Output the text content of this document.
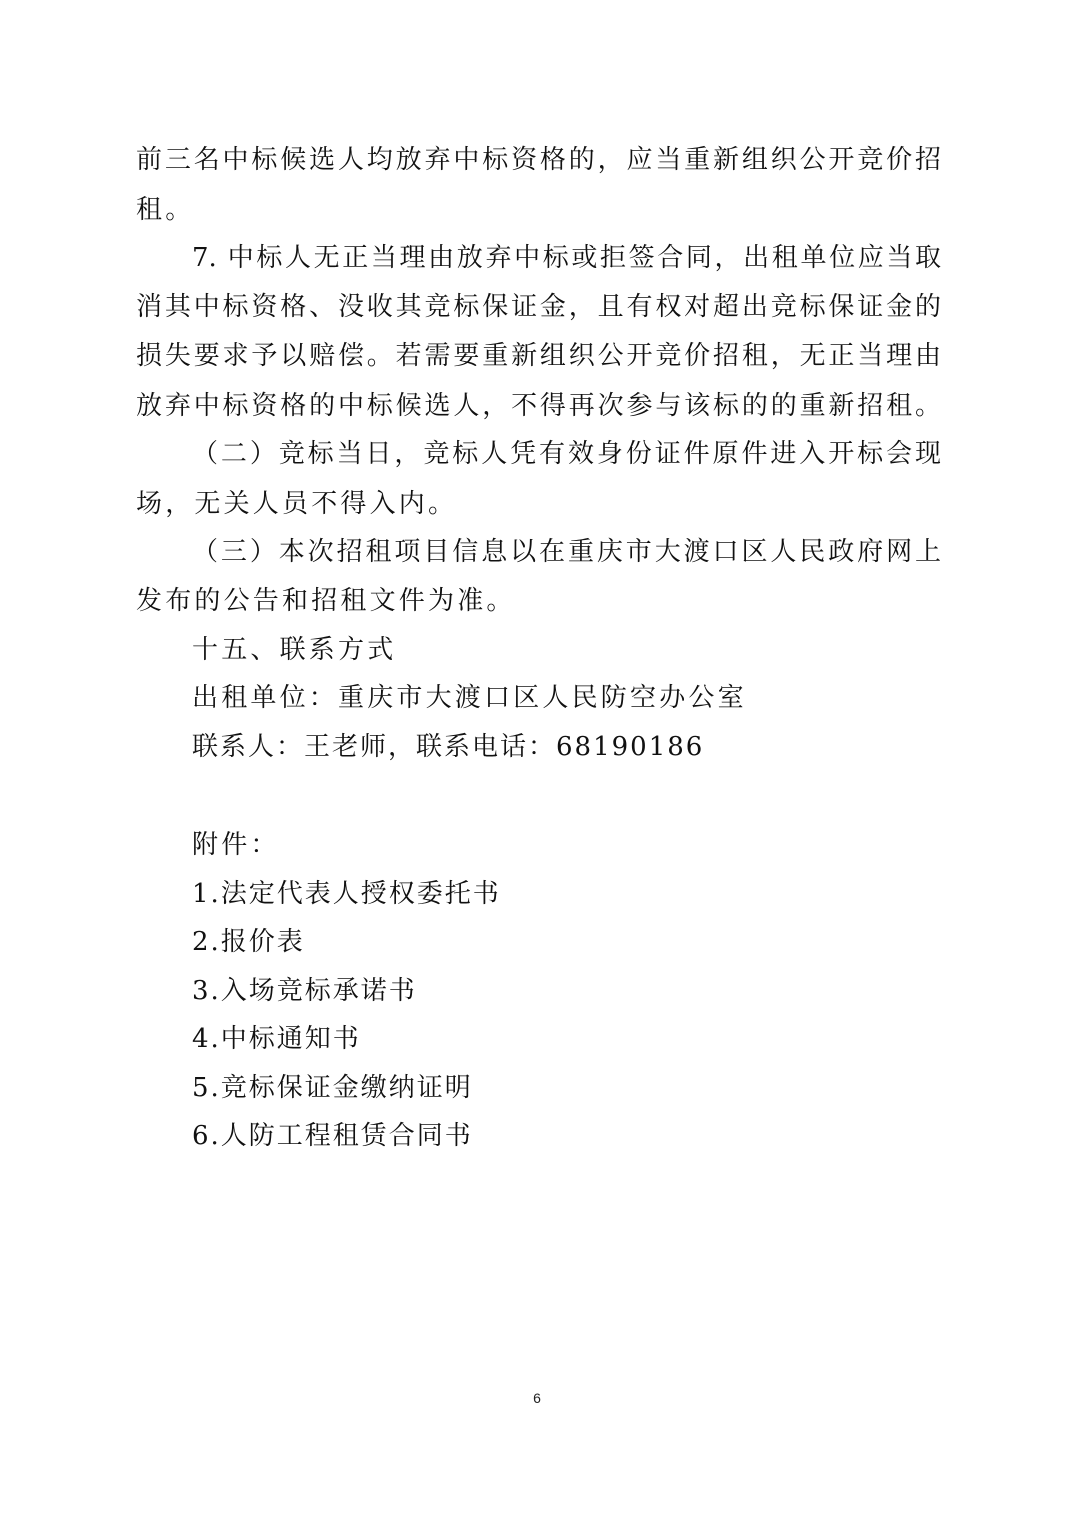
前三名中标候选人均放弃中标资格的，应当重新组织公开竞价招
租。
7. 中标人无正当理由放弃中标或拒签合同，出租单位应当取
消其中标资格、没收其竞标保证金，且有权对超出竞标保证金的
损失要求予以赔偿。若需要重新组织公开竞价招租，无正当理由
放弃中标资格的中标候选人，不得再次参与该标的的重新招租。
（二）竞标当日，竞标人凭有效身份证件原件进入开标会现
场，无关人员不得入内。
（三）本次招租项目信息以在重庆市大渡口区人民政府网上
发布的公告和招租文件为准。
十五、联系方式
出租单位：重庆市大渡口区人民防空办公室
联系人：王老师，联系电话：68190186
附件：
1.法定代表人授权委托书
2.报价表
3.入场竞标承诺书
4.中标通知书
5.竞标保证金缴纳证明
6.人防工程租赁合同书
6
